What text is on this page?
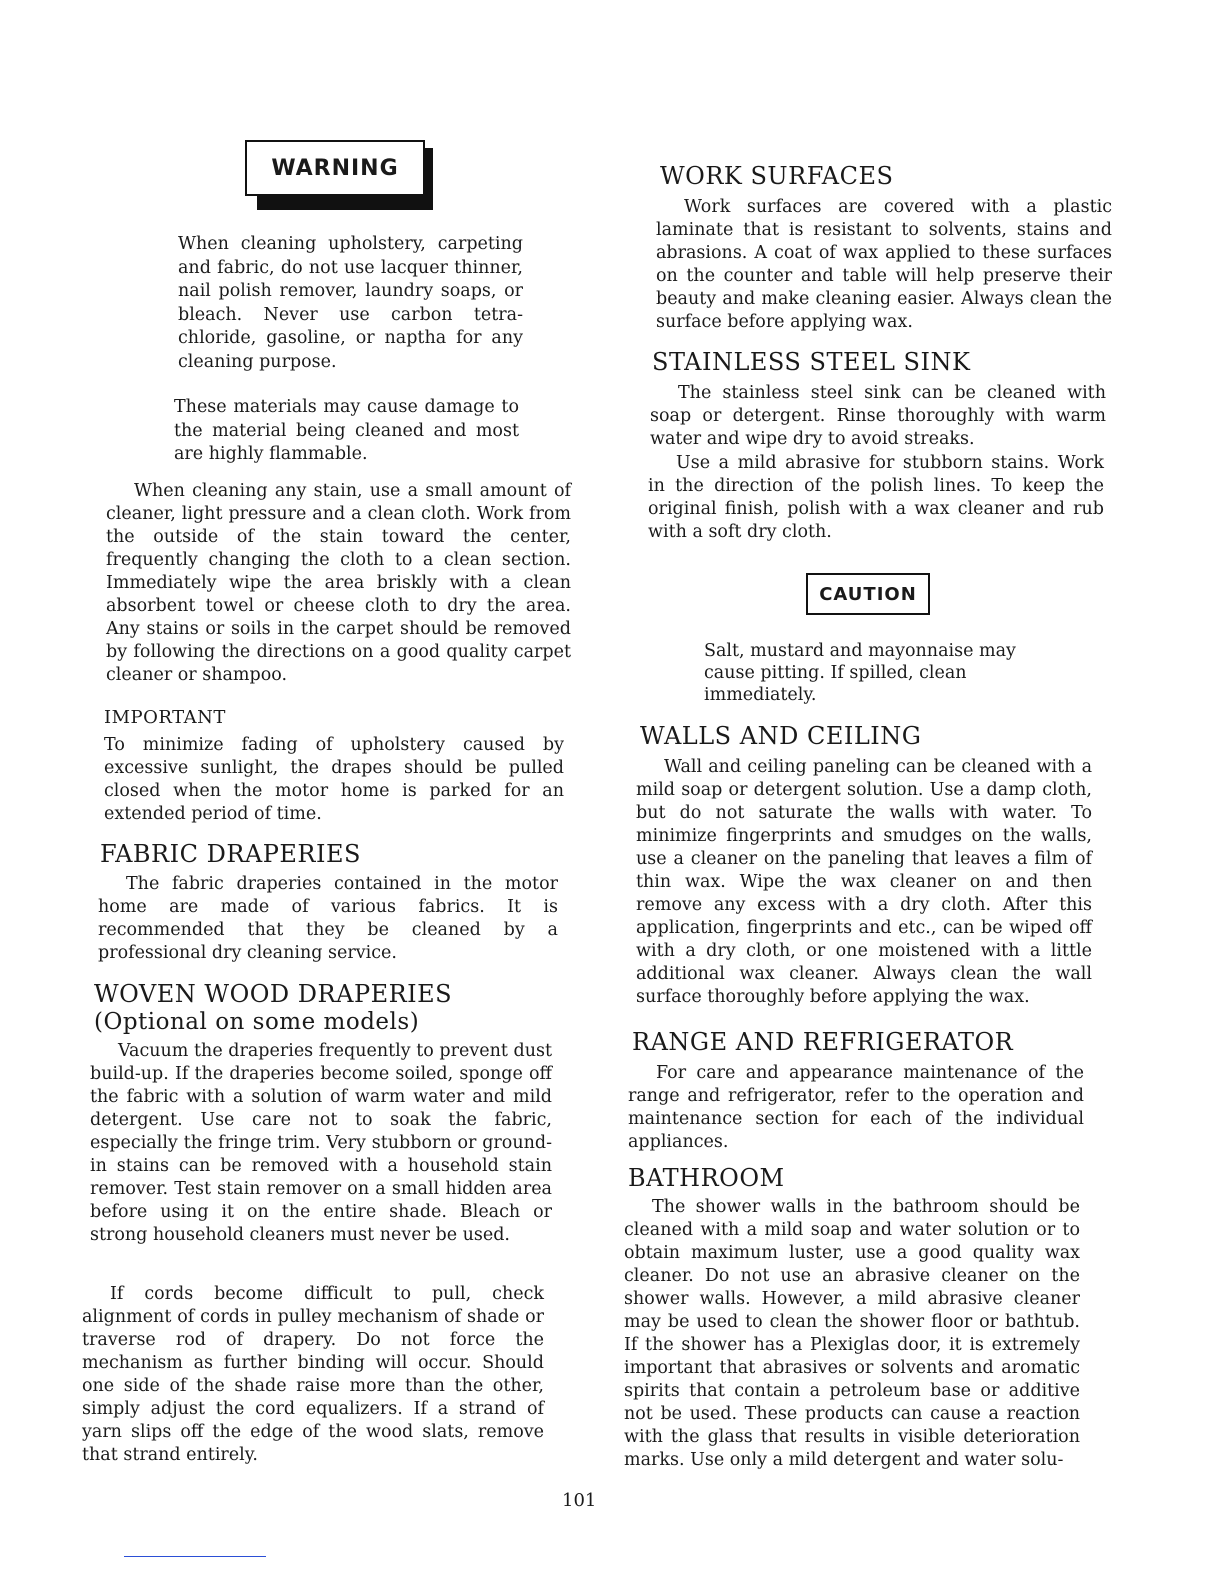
WARNING

When cleaning upholstery, carpeting and fabric, do not use lacquer thinner, nail polish remover, laundry soaps, or bleach. Never use carbon tetra-chloride, gasoline, or naptha for any cleaning purpose.

These materials may cause damage to the material being cleaned and most are highly flammable.

When cleaning any stain, use a small amount of cleaner, light pressure and a clean cloth. Work from the outside of the stain toward the center, frequently changing the cloth to a clean section. Immediately wipe the area briskly with a clean absorbent towel or cheese cloth to dry the area. Any stains or soils in the carpet should be removed by following the directions on a good quality carpet cleaner or shampoo.

IMPORTANT

To minimize fading of upholstery caused by excessive sunlight, the drapes should be pulled closed when the motor home is parked for an extended period of time.

FABRIC DRAPERIES

The fabric draperies contained in the motor home are made of various fabrics. It is recommended that they be cleaned by a professional dry cleaning service.

WOVEN WOOD DRAPERIES
(Optional on some models)

Vacuum the draperies frequently to prevent dust build-up. If the draperies become soiled, sponge off the fabric with a solution of warm water and mild detergent. Use care not to soak the fabric, especially the fringe trim. Very stubborn or ground-in stains can be removed with a household stain remover. Test stain remover on a small hidden area before using it on the entire shade. Bleach or strong household cleaners must never be used.

If cords become difficult to pull, check alignment of cords in pulley mechanism of shade or traverse rod of drapery. Do not force the mechanism as further binding will occur. Should one side of the shade raise more than the other, simply adjust the cord equalizers. If a strand of yarn slips off the edge of the wood slats, remove that strand entirely.

WORK SURFACES

Work surfaces are covered with a plastic laminate that is resistant to solvents, stains and abrasions. A coat of wax applied to these surfaces on the counter and table will help preserve their beauty and make cleaning easier. Always clean the surface before applying wax.

STAINLESS STEEL SINK

The stainless steel sink can be cleaned with soap or detergent. Rinse thoroughly with warm water and wipe dry to avoid streaks.

Use a mild abrasive for stubborn stains. Work in the direction of the polish lines. To keep the original finish, polish with a wax cleaner and rub with a soft dry cloth.

CAUTION

Salt, mustard and mayonnaise may cause pitting. If spilled, clean immediately.

WALLS AND CEILING

Wall and ceiling paneling can be cleaned with a mild soap or detergent solution. Use a damp cloth, but do not saturate the walls with water. To minimize fingerprints and smudges on the walls, use a cleaner on the paneling that leaves a film of thin wax. Wipe the wax cleaner on and then remove any excess with a dry cloth. After this application, fingerprints and etc., can be wiped off with a dry cloth, or one moistened with a little additional wax cleaner. Always clean the wall surface thoroughly before applying the wax.

RANGE AND REFRIGERATOR

For care and appearance maintenance of the range and refrigerator, refer to the operation and maintenance section for each of the individual appliances.

BATHROOM

The shower walls in the bathroom should be cleaned with a mild soap and water solution or to obtain maximum luster, use a good quality wax cleaner. Do not use an abrasive cleaner on the shower walls. However, a mild abrasive cleaner may be used to clean the shower floor or bathtub. If the shower has a Plexiglas door, it is extremely important that abrasives or solvents and aromatic spirits that contain a petroleum base or additive not be used. These products can cause a reaction with the glass that results in visible deterioration marks. Use only a mild detergent and water solu-

101
